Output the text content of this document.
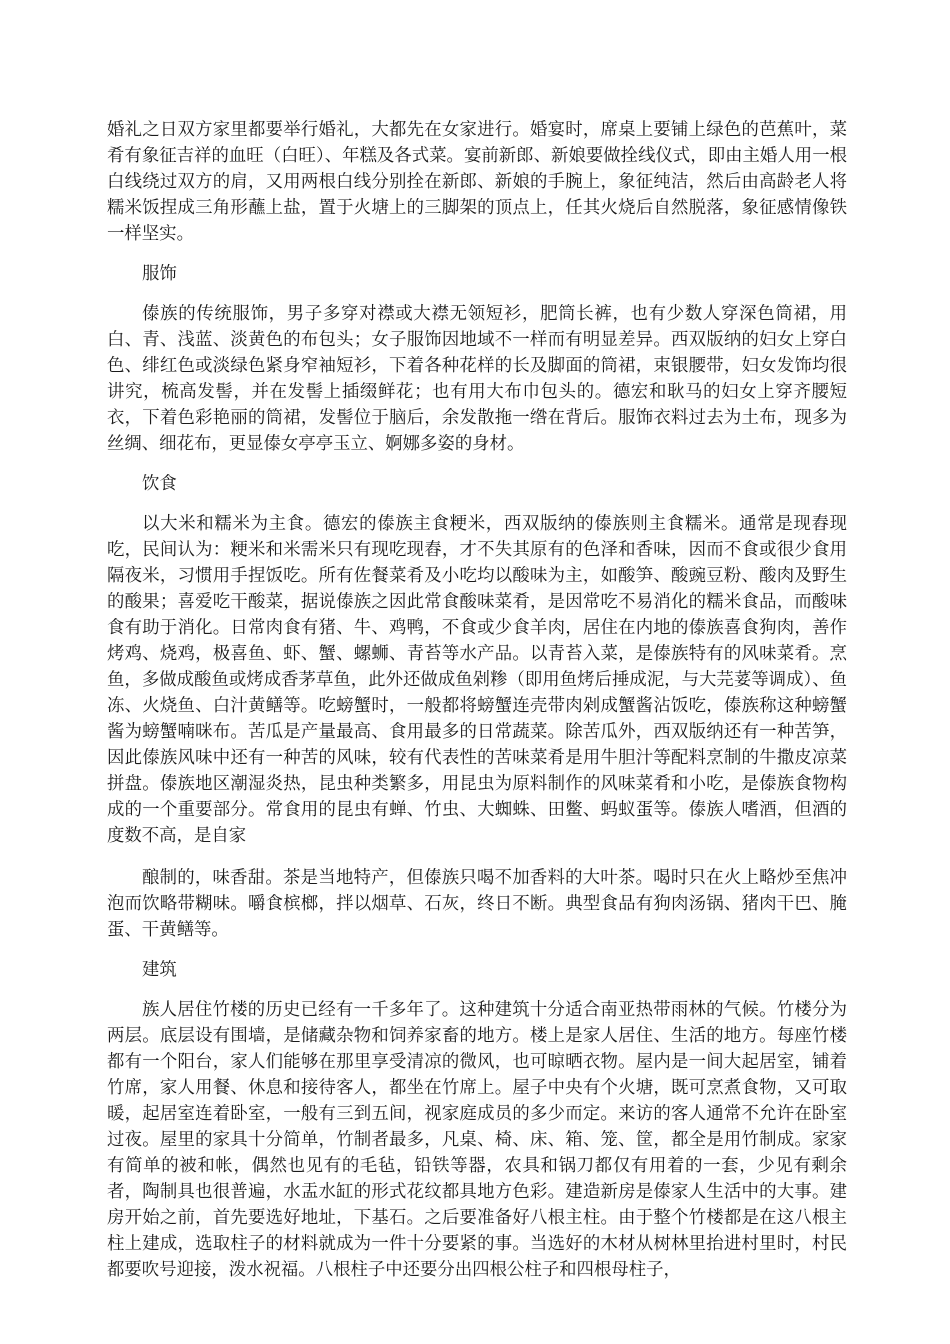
婚礼之日双方家里都要举行婚礼，大都先在女家进行。婚宴时，席桌上要铺上绿色的芭蕉叶，菜肴有象征吉祥的血旺（白旺）、年糕及各式菜。宴前新郎、新娘要做拴线仪式，即由主婚人用一根白线绕过双方的肩，又用两根白线分别拴在新郎、新娘的手腕上，象征纯洁，然后由高龄老人将糯米饭捏成三角形蘸上盐，置于火塘上的三脚架的顶点上，任其火烧后自然脱落，象征感情像铁一样坚实。

服饰

傣族的传统服饰，男子多穿对襟或大襟无领短衫，肥筒长裤，也有少数人穿深色筒裙，用白、青、浅蓝、淡黄色的布包头；女子服饰因地域不一样而有明显差异。西双版纳的妇女上穿白色、绯红色或淡绿色紧身窄袖短衫，下着各种花样的长及脚面的筒裙，束银腰带，妇女发饰均很讲究，梳高发髻，并在发髻上插缀鲜花；也有用大布巾包头的。德宏和耿马的妇女上穿齐腰短衣，下着色彩艳丽的筒裙，发髻位于脑后，余发散拖一绺在背后。服饰衣料过去为土布，现多为丝绸、细花布，更显傣女亭亭玉立、婀娜多姿的身材。

饮食

以大米和糯米为主食。德宏的傣族主食粳米，西双版纳的傣族则主食糯米。通常是现舂现吃，民间认为：粳米和米需米只有现吃现舂，才不失其原有的色泽和香味，因而不食或很少食用隔夜米，习惯用手捏饭吃。所有佐餐菜肴及小吃均以酸味为主，如酸笋、酸豌豆粉、酸肉及野生的酸果；喜爱吃干酸菜，据说傣族之因此常食酸味菜肴，是因常吃不易消化的糯米食品，而酸味食有助于消化。日常肉食有猪、牛、鸡鸭，不食或少食羊肉，居住在内地的傣族喜食狗肉，善作烤鸡、烧鸡，极喜鱼、虾、蟹、螺蛳、青苔等水产品。以青苔入菜，是傣族特有的风味菜肴。烹鱼，多做成酸鱼或烤成香茅草鱼，此外还做成鱼剁糁（即用鱼烤后捶成泥，与大芫荽等调成）、鱼冻、火烧鱼、白汁黄鳝等。吃螃蟹时，一般都将螃蟹连壳带肉剁成蟹酱沾饭吃，傣族称这种螃蟹酱为螃蟹喃咪布。苦瓜是产量最高、食用最多的日常蔬菜。除苦瓜外，西双版纳还有一种苦笋，因此傣族风味中还有一种苦的风味，较有代表性的苦味菜肴是用牛胆汁等配料烹制的牛撒皮凉菜拼盘。傣族地区潮湿炎热，昆虫种类繁多，用昆虫为原料制作的风味菜肴和小吃，是傣族食物构成的一个重要部分。常食用的昆虫有蝉、竹虫、大蜘蛛、田鳖、蚂蚁蛋等。傣族人嗜酒，但酒的度数不高，是自家

酿制的，味香甜。茶是当地特产，但傣族只喝不加香料的大叶茶。喝时只在火上略炒至焦冲泡而饮略带糊味。嚼食槟榔，拌以烟草、石灰，终日不断。典型食品有狗肉汤锅、猪肉干巴、腌蛋、干黄鳝等。

建筑

族人居住竹楼的历史已经有一千多年了。这种建筑十分适合南亚热带雨林的气候。竹楼分为两层。底层设有围墙，是储藏杂物和饲养家畜的地方。楼上是家人居住、生活的地方。每座竹楼都有一个阳台，家人们能够在那里享受清凉的微风，也可晾晒衣物。屋内是一间大起居室，铺着竹席，家人用餐、休息和接待客人，都坐在竹席上。屋子中央有个火塘，既可烹煮食物，又可取暖，起居室连着卧室，一般有三到五间，视家庭成员的多少而定。来访的客人通常不允许在卧室过夜。屋里的家具十分简单，竹制者最多，凡桌、椅、床、箱、笼、筐，都全是用竹制成。家家有简单的被和帐，偶然也见有的毛毡，铅铁等器，农具和锅刀都仅有用着的一套，少见有剩余者，陶制具也很普遍，水盂水缸的形式花纹都具地方色彩。建造新房是傣家人生活中的大事。建房开始之前，首先要选好地址，下基石。之后要准备好八根主柱。由于整个竹楼都是在这八根主柱上建成，选取柱子的材料就成为一件十分要紧的事。当选好的木材从树林里抬进村里时，村民都要吹号迎接，泼水祝福。八根柱子中还要分出四根公柱子和四根母柱子，
